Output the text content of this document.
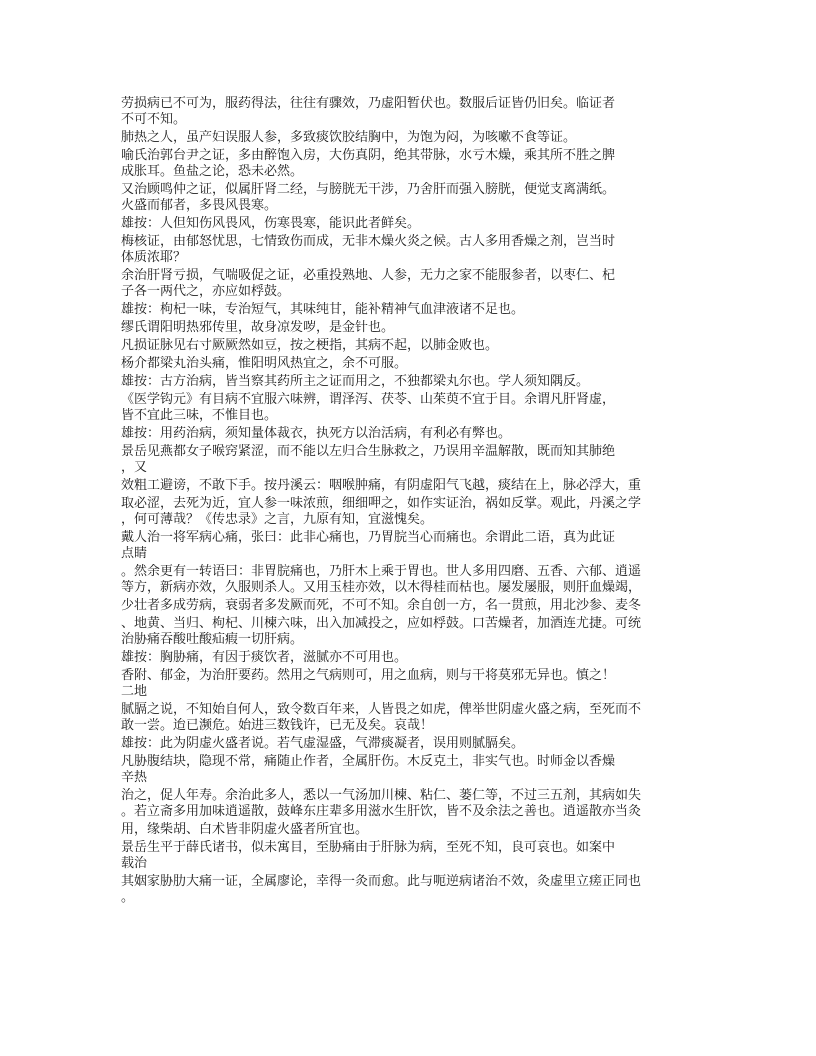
劳损病已不可为，服药得法，往往有骤效，乃虚阳暂伏也。数服后证皆仍旧矣。临证者
不可不知。
肺热之人，虽产妇误服人参，多致痰饮胶结胸中，为饱为闷，为咳嗽不食等证。
喻氏治郭台尹之证，多由醉饱入房，大伤真阴，绝其带脉，水亏木燥，乘其所不胜之脾
成胀耳。鱼盐之论，恐未必然。
又治顾鸣仲之证，似属肝肾二经，与膀胱无干涉，乃舍肝而强入膀胱，便觉支离满纸。
火盛而郁者，多畏风畏寒。
雄按：人但知伤风畏风，伤寒畏寒，能识此者鲜矣。
梅核证，由郁怒忧思，七情致伤而成，无非木燥火炎之候。古人多用香燥之剂，岂当时
体质浓耶？
余治肝肾亏损，气喘吸促之证，必重投熟地、人参，无力之家不能服参者，以枣仁、杞
子各一两代之，亦应如桴鼓。
雄按：枸杞一味，专治短气，其味纯甘，能补精神气血津液诸不足也。
缪氏谓阳明热邪传里，故身凉发哕，是金针也。
凡损证脉见右寸厥厥然如豆，按之梗指，其病不起，以肺金败也。
杨介都梁丸治头痛，惟阳明风热宜之，余不可服。
雄按：古方治病，皆当察其药所主之证而用之，不独都梁丸尔也。学人须知隅反。
《医学钩元》有目病不宜服六味辨，谓泽泻、茯苓、山茱萸不宜于目。余谓凡肝肾虚，
皆不宜此三味，不惟目也。
雄按：用药治病，须知量体裁衣，执死方以治活病，有利必有弊也。
景岳见燕都女子喉窍紧涩，而不能以左归合生脉救之，乃误用辛温解散，既而知其肺绝
，又
效粗工避谤，不敢下手。按丹溪云：咽喉肿痛，有阴虚阳气飞越，痰结在上，脉必浮大，重
取必涩，去死为近，宜人参一味浓煎，细细呷之，如作实证治，祸如反掌。观此，丹溪之学
，何可薄哉？《传忠录》之言，九原有知，宜滋愧矣。
戴人治一将军病心痛，张曰：此非心痛也，乃胃脘当心而痛也。余谓此二语，真为此证
点睛
。然余更有一转语曰：非胃脘痛也，乃肝木上乘于胃也。世人多用四磨、五香、六郁、逍遥
等方，新病亦效，久服则杀人。又用玉桂亦效，以木得桂而枯也。屡发屡服，则肝血燥竭，
少壮者多成劳病，衰弱者多发厥而死，不可不知。余自创一方，名一贯煎，用北沙参、麦冬
、地黄、当归、枸杞、川楝六味，出入加减投之，应如桴鼓。口苦燥者，加酒连尤捷。可统
治胁痛吞酸吐酸疝瘕一切肝病。
雄按：胸胁痛，有因于痰饮者，滋腻亦不可用也。
香附、郁金，为治肝要药。然用之气病则可，用之血病，则与干将莫邪无异也。慎之！
二地
腻膈之说，不知始自何人，致令数百年来，人皆畏之如虎，俾举世阴虚火盛之病，至死而不
敢一尝。迨已濒危。始进三数钱许，已无及矣。哀哉！
雄按：此为阴虚火盛者说。若气虚湿盛，气滞痰凝者，误用则腻膈矣。
凡胁腹结块，隐现不常，痛随止作者，全属肝伤。木反克土，非实气也。时师金以香燥
辛热
治之，促人年寿。余治此多人，悉以一气汤加川楝、粘仁、蒌仁等，不过三五剂，其病如失
。若立斋多用加味逍遥散，鼓峰东庄辈多用滋水生肝饮，皆不及余法之善也。逍遥散亦当灸
用，缘柴胡、白术皆非阴虚火盛者所宜也。
景岳生平于薛氏诸书，似未寓目，至胁痛由于肝脉为病，至死不知，良可哀也。如案中
载治
其姻家胁肋大痛一证，全属廖论，幸得一灸而愈。此与呃逆病诸治不效，灸虚里立瘥正同也
。
